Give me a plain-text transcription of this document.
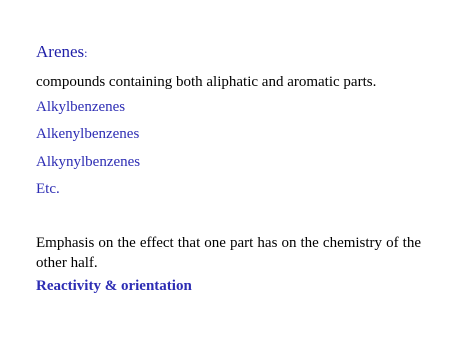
Arenes:
compounds containing both aliphatic and aromatic parts.
Alkylbenzenes
Alkenylbenzenes
Alkynylbenzenes
Etc.
Emphasis on the effect that one part has on the chemistry of the other half.
Reactivity & orientation
